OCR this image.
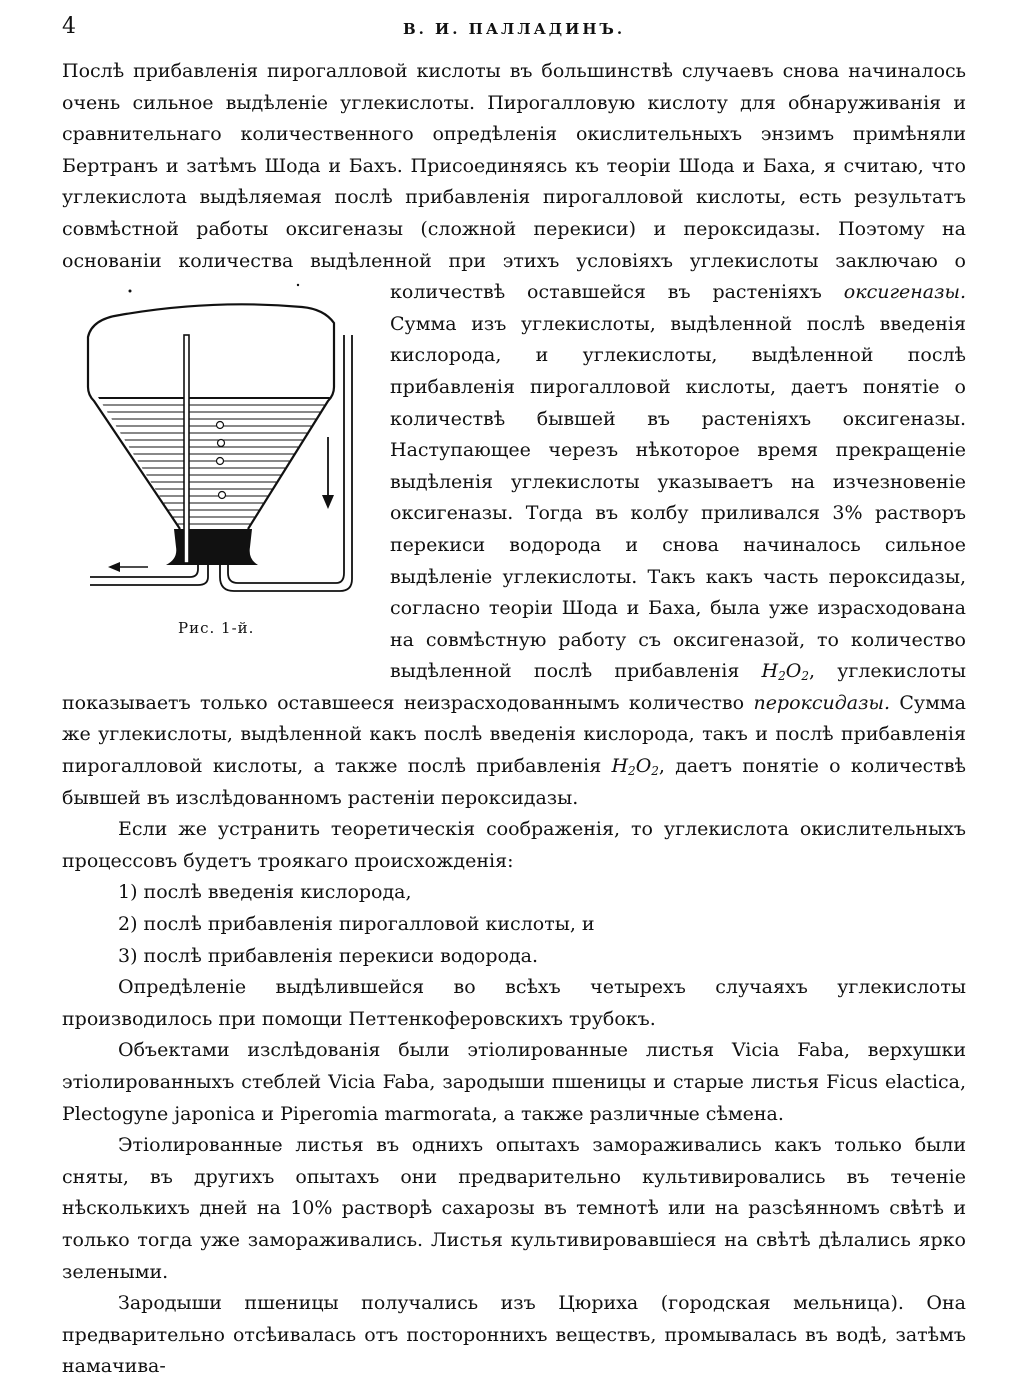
4	В. И. ПАЛЛАДИНЪ.

Послѣ прибавленія пирогалловой кислоты въ большинствѣ случаевъ снова начиналось очень сильное выдѣленіе углекислоты. Пирогалловую кислоту для обнаруживанія и сравнительнаго количественного опредѣленія окислительныхъ энзимъ примѣняли Бертранъ и затѣмъ Шода и Бахъ. Присоединяясь къ теоріи Шода и Баха, я считаю, что углекислота выдѣляемая послѣ прибавленія пирогалловой кислоты, есть результатъ совмѣстной работы оксигеназы (сложной перекиси) и пероксидазы. Поэтому на основаніи количества выдѣленной при этихъ условіяхъ углекислоты заключаю о количествѣ оставшейся въ растеніяхъ
Рис. 1-й.
оксигеназы. Сумма изъ углекислоты, выдѣленной послѣ введенія кислорода, и углекислоты, выдѣленной послѣ прибавленія пирогалловой кислоты, даетъ понятіе о количествѣ бывшей въ растеніяхъ оксигеназы. Наступающее черезъ нѣкоторое время прекращеніе выдѣленія углекислоты указываетъ на изчезновеніе оксигеназы. Тогда въ колбу приливался 3% растворъ перекиси водорода и снова начиналось сильное выдѣленіе углекислоты. Такъ какъ часть пероксидазы, согласно теоріи Шода и Баха, была уже израсходована на совмѣстную работу съ оксигеназой, то количество выдѣленной послѣ прибавленія $H_2O_2$, углекислоты показываетъ только оставшееся неизрасходованнымъ количество пероксидазы. Сумма же углекислоты, выдѣленной какъ послѣ введенія кислорода, такъ и послѣ прибавленія пирогалловой кислоты, а также послѣ прибавленія $H_2O_2$, даетъ понятіе о количествѣ бывшей въ изслѣдованномъ растеніи пероксидазы.

Если же устранить теоретическія соображенія, то углекислота окислительныхъ процессовъ будетъ троякаго происхожденія:

1) послѣ введенія кислорода,

2) послѣ прибавленія пирогалловой кислоты, и

3) послѣ прибавленія перекиси водорода.

Опредѣленіе выдѣлившейся во всѣхъ четырехъ случаяхъ углекислоты производилось при помощи Петтенкоферовскихъ трубокъ.

Объектами изслѣдованія были этіолированные листья Vicia Faba, верхушки этіолированныхъ стеблей Vicia Faba, зародыши пшеницы и старые листья Ficus elactica, Plectogyne japonica и Piperomia marmorata, а также различные сѣмена.

Этіолированные листья въ однихъ опытахъ замораживались какъ только были сняты, въ другихъ опытахъ они предварительно культивировались въ теченіе нѣсколькихъ дней на 10% растворѣ сахарозы въ темнотѣ или на разсѣянномъ свѣтѣ и только тогда уже замораживались. Листья культивировавшіеся на свѣтѣ дѣлались ярко зелеными.

Зародыши пшеницы получались изъ Цюриха (городская мельница). Она предварительно отсѣивалась отъ постороннихъ веществъ, промывалась въ водѣ, затѣмъ намачива-
